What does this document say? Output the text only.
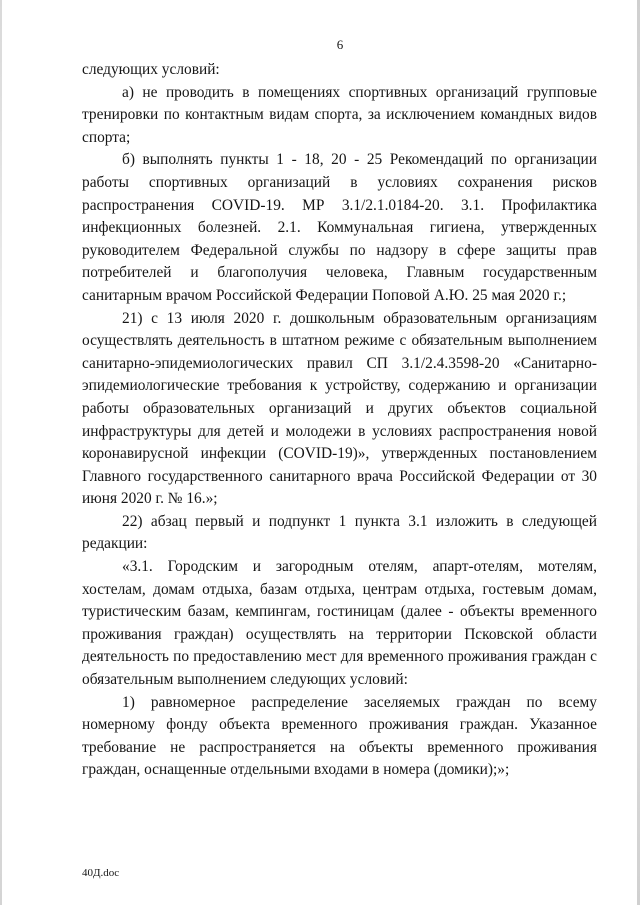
6

следующих условий:

а) не проводить в помещениях спортивных организаций групповые тренировки по контактным видам спорта, за исключением командных видов спорта;

б) выполнять пункты 1 - 18, 20 - 25 Рекомендаций по организации работы спортивных организаций в условиях сохранения рисков распространения COVID-19. МР 3.1/2.1.0184-20. 3.1. Профилактика инфекционных болезней. 2.1. Коммунальная гигиена, утвержденных руководителем Федеральной службы по надзору в сфере защиты прав потребителей и благополучия человека, Главным государственным санитарным врачом Российской Федерации Поповой А.Ю. 25 мая 2020 г.;

21) с 13 июля 2020 г. дошкольным образовательным организациям осуществлять деятельность в штатном режиме с обязательным выполнением санитарно-эпидемиологических правил СП 3.1/2.4.3598-20 «Санитарно-эпидемиологические требования к устройству, содержанию и организации работы образовательных организаций и других объектов социальной инфраструктуры для детей и молодежи в условиях распространения новой коронавирусной инфекции (COVID-19)», утвержденных постановлением Главного государственного санитарного врача Российской Федерации от 30 июня 2020 г. № 16.»;

22) абзац первый и подпункт 1 пункта 3.1 изложить в следующей редакции:

«3.1. Городским и загородным отелям, апарт-отелям, мотелям, хостелам, домам отдыха, базам отдыха, центрам отдыха, гостевым домам, туристическим базам, кемпингам, гостиницам (далее - объекты временного проживания граждан) осуществлять на территории Псковской области деятельность по предоставлению мест для временного проживания граждан с обязательным выполнением следующих условий:

1) равномерное распределение заселяемых граждан по всему номерному фонду объекта временного проживания граждан. Указанное требование не распространяется на объекты временного проживания граждан, оснащенные отдельными входами в номера (домики);»;

40Д.doc
